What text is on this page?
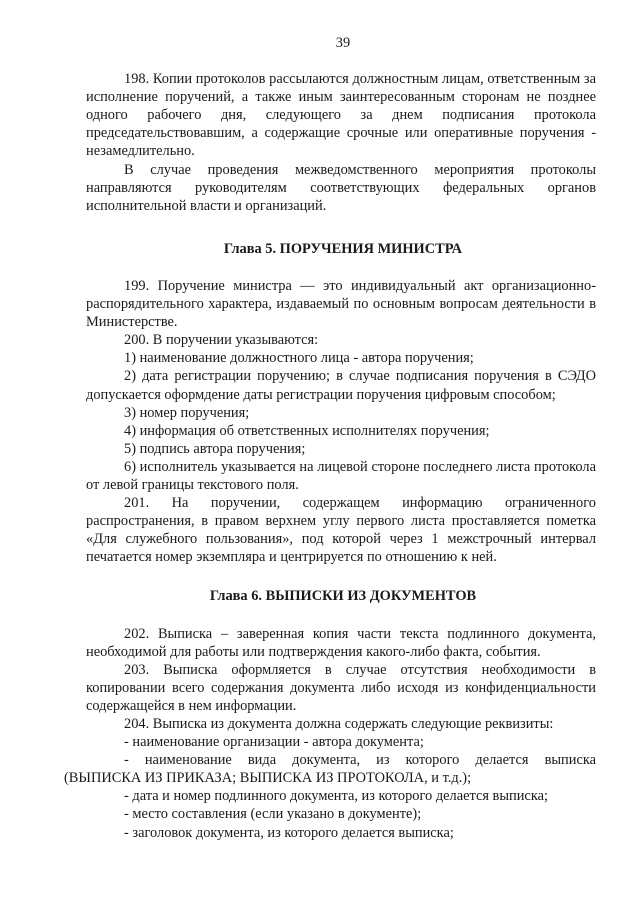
39

198. Копии протоколов рассылаются должностным лицам, ответственным за исполнение поручений, а также иным заинтересованным сторонам не позднее одного рабочего дня, следующего за днем подписания протокола председательствовавшим, а содержащие срочные или оперативные поручения - незамедлительно.

В случае проведения межведомственного мероприятия протоколы направляются руководителям соответствующих федеральных органов исполнительной власти и организаций.

Глава 5. ПОРУЧЕНИЯ МИНИСТРА

199. Поручение министра — это индивидуальный акт организационно-распорядительного характера, издаваемый по основным вопросам деятельности в Министерстве.

200. В поручении указываются:

1) наименование должностного лица - автора поручения;

2) дата регистрации поручению; в случае подписания поручения в СЭДО допускается оформдение даты регистрации поручения цифровым способом;

3) номер поручения;

4) информация об ответственных исполнителях поручения;

5) подпись автора поручения;

6) исполнитель указывается на лицевой стороне последнего листа протокола от левой границы текстового поля.

201. На поручении, содержащем информацию ограниченного распространения, в правом верхнем углу первого листа проставляется пометка «Для служебного пользования», под которой через 1 межстрочный интервал печатается номер экземпляра и центрируется по отношению к ней.

Глава 6. ВЫПИСКИ ИЗ ДОКУМЕНТОВ

202. Выписка – заверенная копия части текста подлинного документа, необходимой для работы или подтверждения какого-либо факта, события.

203. Выписка оформляется в случае отсутствия необходимости в копировании всего содержания документа либо исходя из конфиденциальности содержащейся в нем информации.

204. Выписка из документа должна содержать следующие реквизиты:

- наименование организации - автора документа;

- наименование вида документа, из которого делается выписка

(ВЫПИСКА ИЗ ПРИКАЗА; ВЫПИСКА ИЗ ПРОТОКОЛА, и т.д.);

- дата и номер подлинного документа, из которого делается выписка;

- место составления (если указано в документе);

- заголовок документа, из которого делается выписка;
